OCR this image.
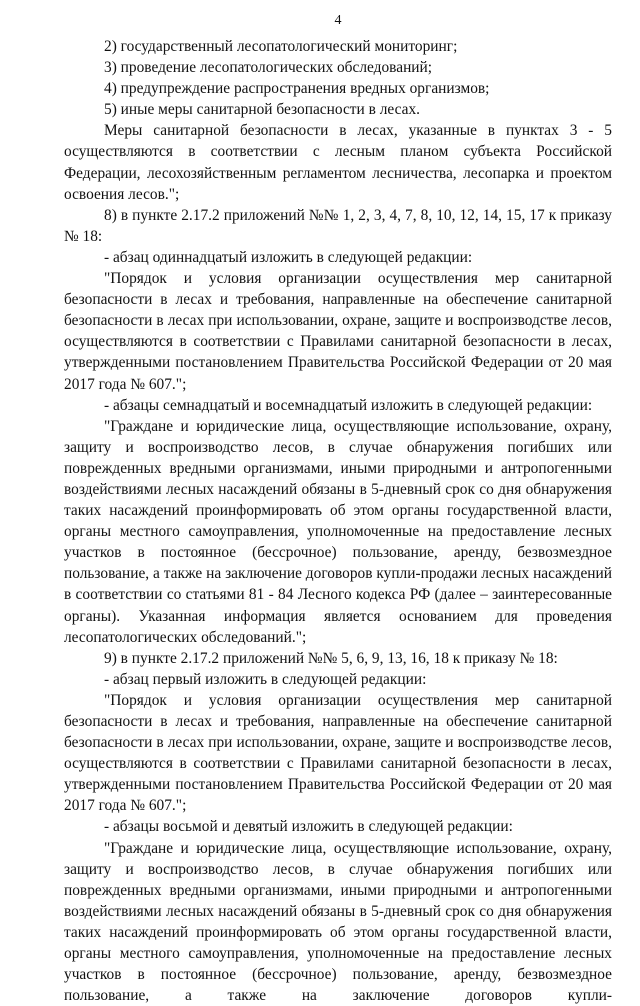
4

2) государственный лесопатологический мониторинг;

3) проведение лесопатологических обследований;

4) предупреждение распространения вредных организмов;

5) иные меры санитарной безопасности в лесах.

Меры санитарной безопасности в лесах, указанные в пунктах 3 - 5 осуществляются в соответствии с лесным планом субъекта Российской Федерации, лесохозяйственным регламентом лесничества, лесопарка и проектом освоения лесов.";

8) в пункте 2.17.2 приложений №№ 1, 2, 3, 4, 7, 8, 10, 12, 14, 15, 17 к приказу № 18:

- абзац одиннадцатый изложить в следующей редакции:

"Порядок и условия организации осуществления мер санитарной безопасности в лесах и требования, направленные на обеспечение санитарной безопасности в лесах при использовании, охране, защите и воспроизводстве лесов, осуществляются в соответствии с Правилами санитарной безопасности в лесах, утвержденными постановлением Правительства Российской Федерации от 20 мая 2017 года № 607.";

- абзацы семнадцатый и восемнадцатый изложить в следующей редакции:

"Граждане и юридические лица, осуществляющие использование, охрану, защиту и воспроизводство лесов, в случае обнаружения погибших или поврежденных вредными организмами, иными природными и антропогенными воздействиями лесных насаждений обязаны в 5-дневный срок со дня обнаружения таких насаждений проинформировать об этом органы государственной власти, органы местного самоуправления, уполномоченные на предоставление лесных участков в постоянное (бессрочное) пользование, аренду, безвозмездное пользование, а также на заключение договоров купли-продажи лесных насаждений в соответствии со статьями 81 - 84 Лесного кодекса РФ (далее – заинтересованные органы). Указанная информация является основанием для проведения лесопатологических обследований.";

9) в пункте 2.17.2 приложений №№ 5, 6, 9, 13, 16, 18 к приказу № 18:

- абзац первый изложить в следующей редакции:

"Порядок и условия организации осуществления мер санитарной безопасности в лесах и требования, направленные на обеспечение санитарной безопасности в лесах при использовании, охране, защите и воспроизводстве лесов, осуществляются в соответствии с Правилами санитарной безопасности в лесах, утвержденными постановлением Правительства Российской Федерации от 20 мая 2017 года № 607.";

- абзацы восьмой и девятый изложить в следующей редакции:

"Граждане и юридические лица, осуществляющие использование, охрану, защиту и воспроизводство лесов, в случае обнаружения погибших или поврежденных вредными организмами, иными природными и антропогенными воздействиями лесных насаждений обязаны в 5-дневный срок со дня обнаружения таких насаждений проинформировать об этом органы государственной власти, органы местного самоуправления, уполномоченные на предоставление лесных участков в постоянное (бессрочное) пользование, аренду, безвозмездное пользование, а также на заключение договоров купли-
